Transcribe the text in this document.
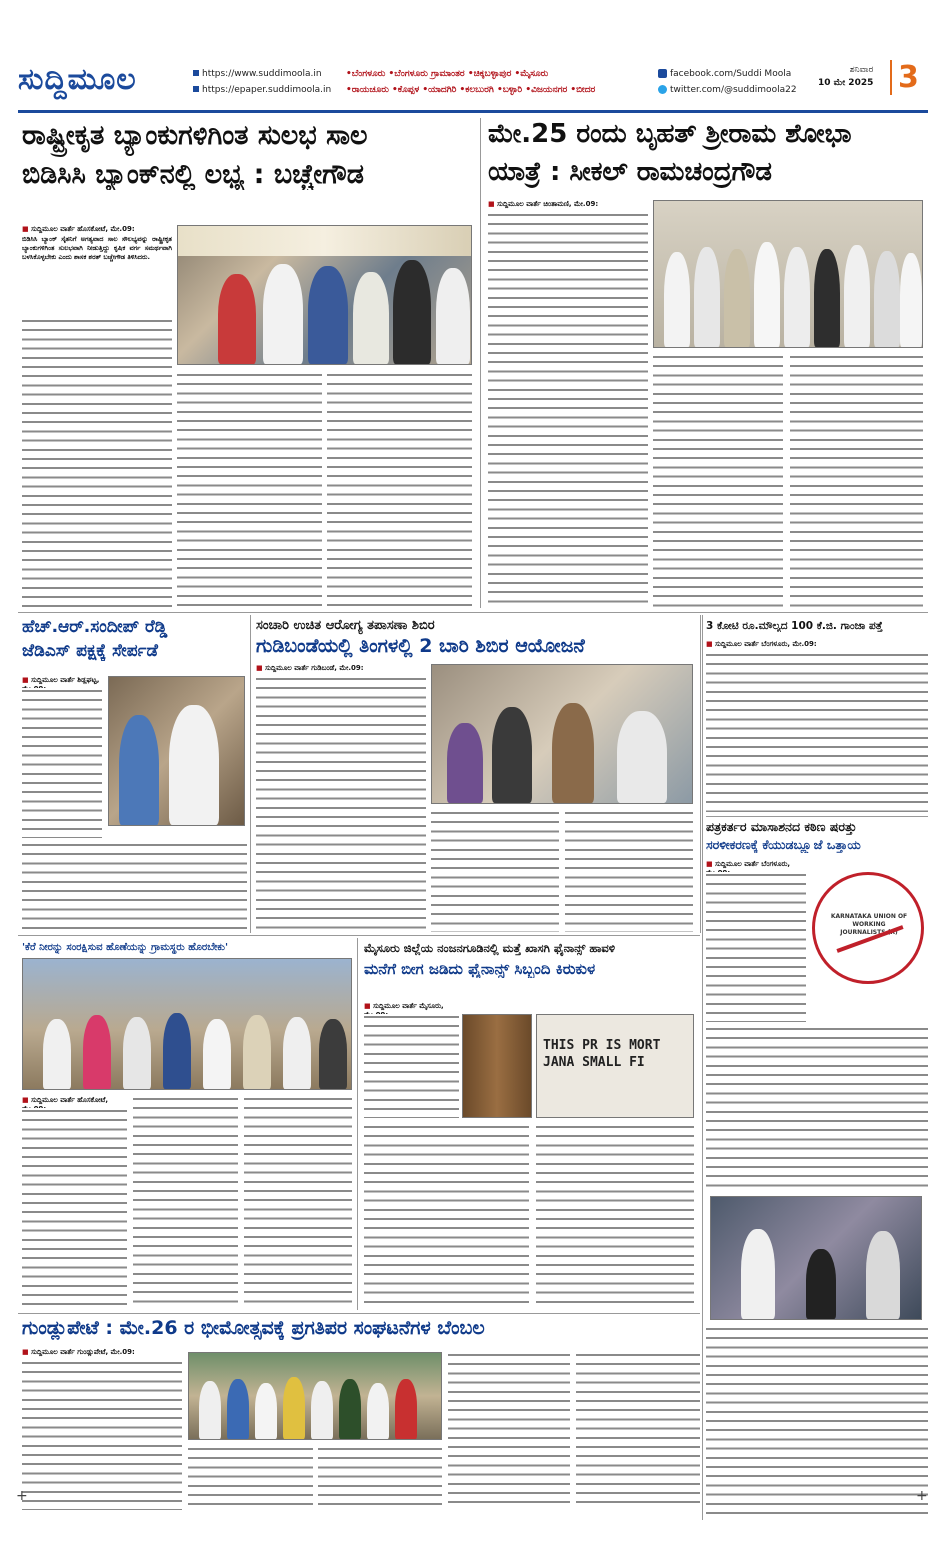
ಸುದ್ದಿಮೂಲ	https://www.suddimoola.in
https://epaper.suddimoola.in
•ಬೆಂಗಳೂರು •ಬೆಂಗಳೂರು ಗ್ರಾಮಾಂತರ •ಚಿಕ್ಕಬಳ್ಳಾಪುರ •ಮೈಸೂರು
•ರಾಯಚೂರು •ಕೊಪ್ಪಳ •ಯಾದಗಿರಿ •ಕಲಬುರಗಿ •ಬಳ್ಳಾರಿ •ವಿಜಯನಗರ •ಬೀದರ
facebook.com/Suddi Moola
twitter.com/@suddimoola22
ಶನಿವಾರ
10 ಮೇ 2025 3
ರಾಷ್ಟ್ರೀಕೃತ ಬ್ಯಾಂಕುಗಳಿಗಿಂತ ಸುಲಭ ಸಾಲ
ಬಿಡಿಸಿಸಿ ಬ್ಯಾಂಕ್‌ನಲ್ಲಿ ಲಭ್ಯ : ಬಚ್ಚೇಗೌಡ
■ ಸುದ್ದಿಮೂಲ ವಾರ್ತೆ ಹೊಸಕೋಟೆ, ಮೇ.09:
ಬಿಡಿಸಿಸಿ ಬ್ಯಾಂಕ್ ಸೈತನಿಗೆ ಅಗತ್ಯವಾದ ಸಾಲ ಸೌಲಭ್ಯವನ್ನು ರಾಷ್ಟ್ರೀಕೃತ ಬ್ಯಾಂಕುಗಳಿಗಿಂತ ಸುಲಭವಾಗಿ ನೀಡುತ್ತಿದ್ದು ಕೃಷಿಕ ವರ್ಗ ಸಮರ್ಥವಾಗಿ ಬಳಸಿಕೊಳ್ಳಬೇಕು ಎಂದು ಶಾಸಕ ಶರತ್ ಬಚ್ಚೇಗೌಡ ತಿಳಿಸಿದರು.
ಮೇ.25 ರಂದು ಬೃಹತ್ ಶ್ರೀರಾಮ ಶೋಭಾ
ಯಾತ್ರೆ : ಸೀಕಲ್ ರಾಮಚಂದ್ರಗೌಡ
■ ಸುದ್ದಿಮೂಲ ವಾರ್ತೆ ಚಿಂತಾಮಣಿ, ಮೇ.09:
ಹೆಚ್.ಆರ್.ಸಂದೀಪ್ ರೆಡ್ಡಿ
ಜೆಡಿಎಸ್ ಪಕ್ಷಕ್ಕೆ ಸೇರ್ಪಡೆ
■ ಸುದ್ದಿಮೂಲ ವಾರ್ತೆ ಶಿಡ್ಲಘಟ್ಟ,
ಸಂಚಾರಿ ಉಚಿತ ಆರೋಗ್ಯ ತಪಾಸಣಾ ಶಿಬಿರ
ಗುಡಿಬಂಡೆಯಲ್ಲಿ ತಿಂಗಳಲ್ಲಿ 2 ಬಾರಿ ಶಿಬಿರ ಆಯೋಜನೆ
■ ಸುದ್ದಿಮೂಲ ವಾರ್ತೆ ಗುಡಿಬಂಡೆ, ಮೇ.09:
3 ಕೋಟಿ ರೂ.ಮೌಲ್ಯದ 100 ಕೆ.ಜಿ. ಗಾಂಜಾ ಪತ್ತೆ
■ ಸುದ್ದಿಮೂಲ ವಾರ್ತೆ ಬೆಂಗಳೂರು, ಮೇ.09:
ಪತ್ರಕರ್ತರ ಮಾಸಾಶನದ ಕಠಿಣ ಷರತ್ತು
ಸರಳೀಕರಣಕ್ಕೆ ಕೆಯುಡಬ್ಲ್ಯೂಜೆ ಒತ್ತಾಯ
■ ಸುದ್ದಿಮೂಲ ವಾರ್ತೆ ಬೆಂಗಳೂರು,
KARNATAKA UNION OF WORKING JOURNALISTS (R)
'ಕೆರೆ ನೀರನ್ನು ಸಂರಕ್ಷಿಸುವ ಹೊಣೆಯನ್ನು ಗ್ರಾಮಸ್ಥರು ಹೊರಬೇಕು'
■ ಸುದ್ದಿಮೂಲ ವಾರ್ತೆ ಹೊಸಕೋಟೆ,
ಮೈಸೂರು ಜಿಲ್ಲೆಯ ನಂಜನಗೂಡಿನಲ್ಲಿ ಮತ್ತೆ ಖಾಸಗಿ ಫೈನಾನ್ಸ್ ಹಾವಳಿ
ಮನೆಗೆ ಬೀಗ ಜಡಿದು ಫೈನಾನ್ಸ್ ಸಿಬ್ಬಂದಿ ಕಿರುಕುಳ
■ ಸುದ್ದಿಮೂಲ ವಾರ್ತೆ ಮೈಸೂರು,
THIS PR IS MORT JANA SMALL FI
ಗುಂಡ್ಲುಪೇಟೆ : ಮೇ.26 ರ ಭೀಮೋತ್ಸವಕ್ಕೆ ಪ್ರಗತಿಪರ ಸಂಘಟನೆಗಳ ಬೆಂಬಲ
■ ಸುದ್ದಿಮೂಲ ವಾರ್ತೆ ಗುಂಡ್ಲುಪೇಟೆ, ಮೇ.09:
+	+
